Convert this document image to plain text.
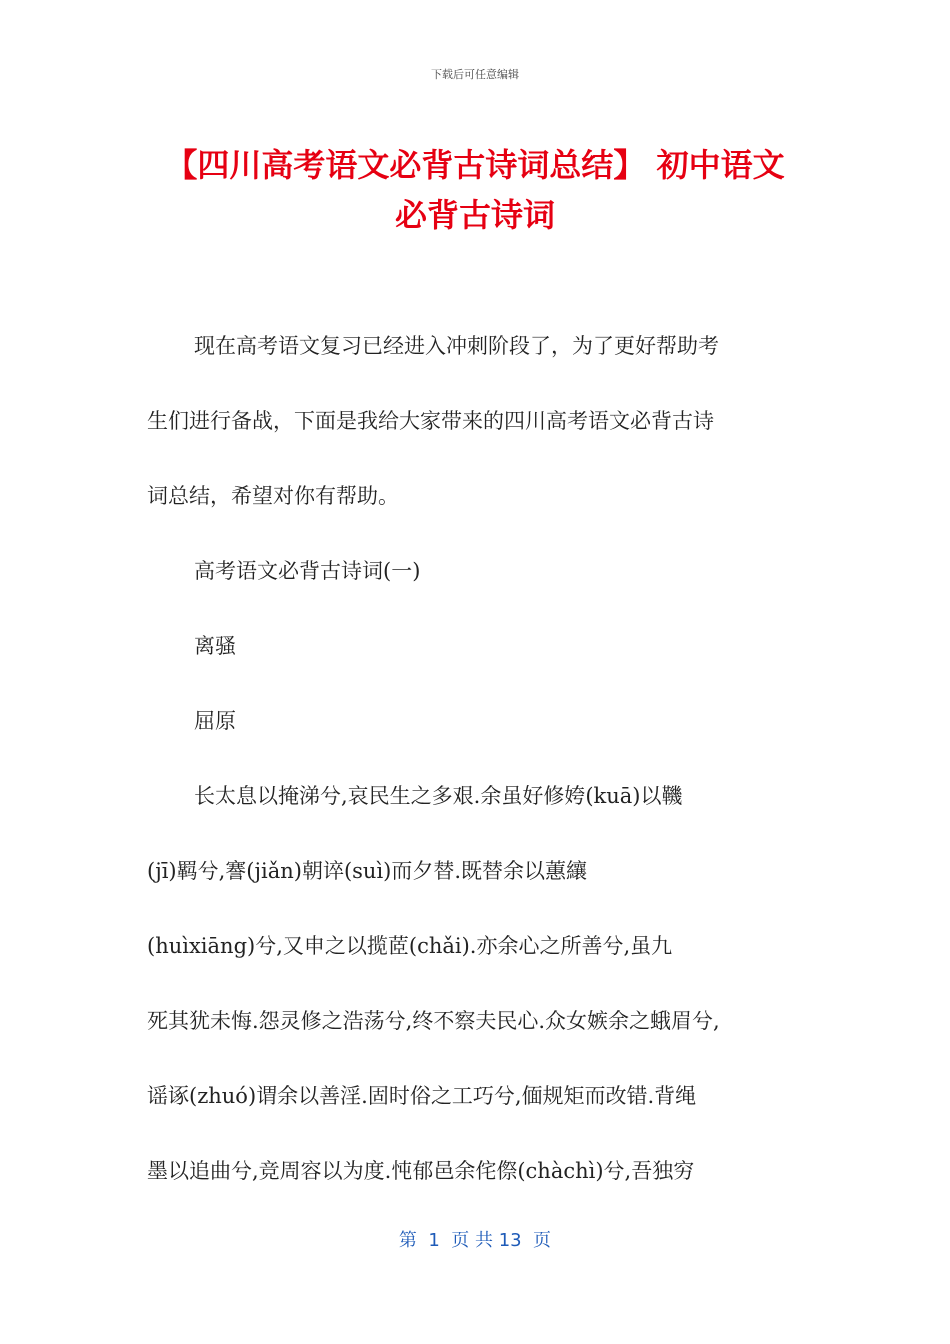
下载后可任意编辑
【四川高考语文必背古诗词总结】 初中语文
必背古诗词

现在高考语文复习已经进入冲刺阶段了，为了更好帮助考

生们进行备战，下面是我给大家带来的四川高考语文必背古诗

词总结，希望对你有帮助。

高考语文必背古诗词(一)

离骚

屈原

长太息以掩涕兮,哀民生之多艰.余虽好修姱(kuā)以鞿

(jī)羁兮,謇(jiǎn)朝谇(suì)而夕替.既替余以蕙纕

(huìxiāng)兮,又申之以揽茝(chǎi).亦余心之所善兮,虽九

死其犹未悔.怨灵修之浩荡兮,终不察夫民心.众女嫉余之蛾眉兮,

谣诼(zhuó)谓余以善淫.固时俗之工巧兮,偭规矩而改错.背绳

墨以追曲兮,竞周容以为度.忳郁邑余侘傺(chàchì)兮,吾独穷

第  1  页 共 13  页
